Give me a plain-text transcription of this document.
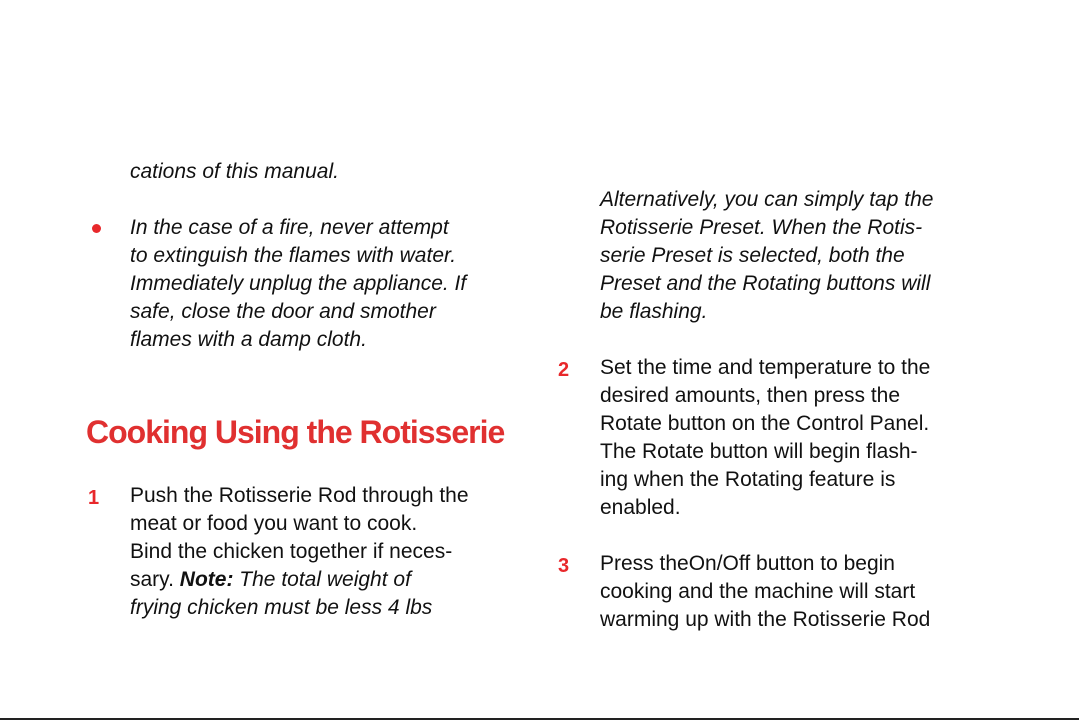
cations of this manual.
In the case of a fire, never attempt
to extinguish the flames with water.
Immediately unplug the appliance. If
safe, close the door and smother
flames with a damp cloth.
Cooking Using the Rotisserie
1	Push the Rotisserie Rod through the
meat or food you want to cook.
Bind the chicken together if neces-
sary. Note: The total weight of
frying chicken must be less 4 lbs
Alternatively, you can simply tap the
Rotisserie Preset. When the Rotis-
serie Preset is selected, both the
Preset and the Rotating buttons will
be flashing.
2	Set the time and temperature to the
desired amounts, then press the
Rotate button on the Control Panel.
The Rotate button will begin flash-
ing when the Rotating feature is
enabled.
3	Press theOn/Off button to begin
cooking and the machine will start
warming up with the Rotisserie Rod
